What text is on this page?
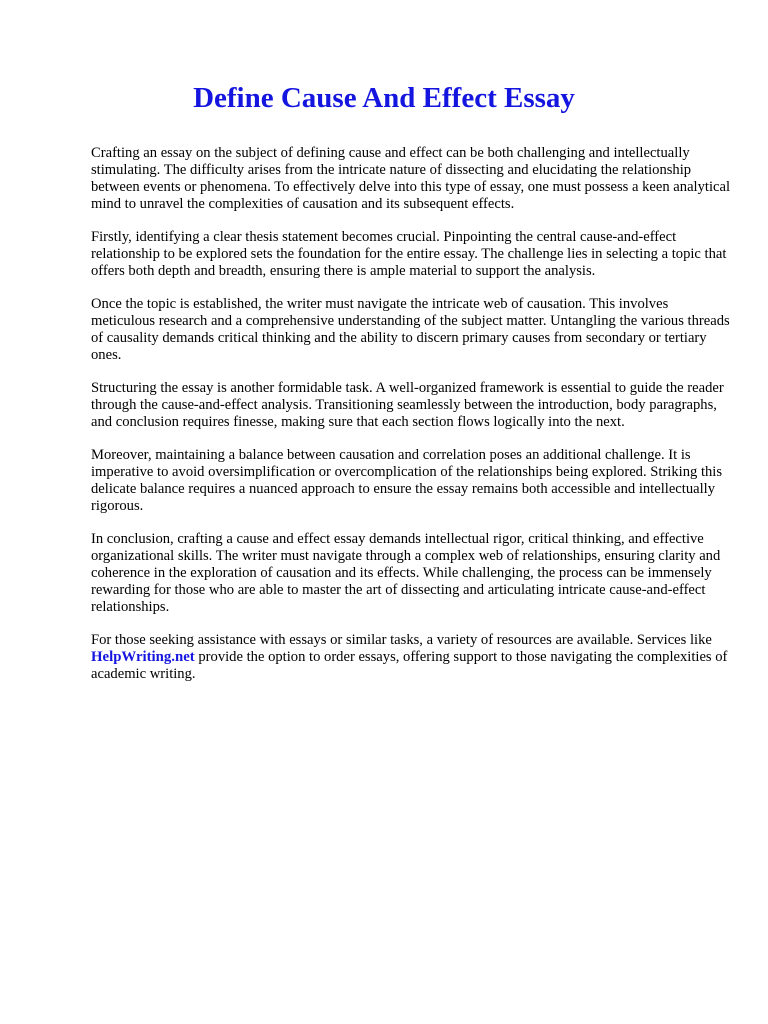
Define Cause And Effect Essay

Crafting an essay on the subject of defining cause and effect can be both challenging and intellectually stimulating. The difficulty arises from the intricate nature of dissecting and elucidating the relationship between events or phenomena. To effectively delve into this type of essay, one must possess a keen analytical mind to unravel the complexities of causation and its subsequent effects.

Firstly, identifying a clear thesis statement becomes crucial. Pinpointing the central cause-and-effect relationship to be explored sets the foundation for the entire essay. The challenge lies in selecting a topic that offers both depth and breadth, ensuring there is ample material to support the analysis.

Once the topic is established, the writer must navigate the intricate web of causation. This involves meticulous research and a comprehensive understanding of the subject matter. Untangling the various threads of causality demands critical thinking and the ability to discern primary causes from secondary or tertiary ones.

Structuring the essay is another formidable task. A well-organized framework is essential to guide the reader through the cause-and-effect analysis. Transitioning seamlessly between the introduction, body paragraphs, and conclusion requires finesse, making sure that each section flows logically into the next.

Moreover, maintaining a balance between causation and correlation poses an additional challenge. It is imperative to avoid oversimplification or overcomplication of the relationships being explored. Striking this delicate balance requires a nuanced approach to ensure the essay remains both accessible and intellectually rigorous.

In conclusion, crafting a cause and effect essay demands intellectual rigor, critical thinking, and effective organizational skills. The writer must navigate through a complex web of relationships, ensuring clarity and coherence in the exploration of causation and its effects. While challenging, the process can be immensely rewarding for those who are able to master the art of dissecting and articulating intricate cause-and-effect relationships.

For those seeking assistance with essays or similar tasks, a variety of resources are available. Services like HelpWriting.net provide the option to order essays, offering support to those navigating the complexities of academic writing.
